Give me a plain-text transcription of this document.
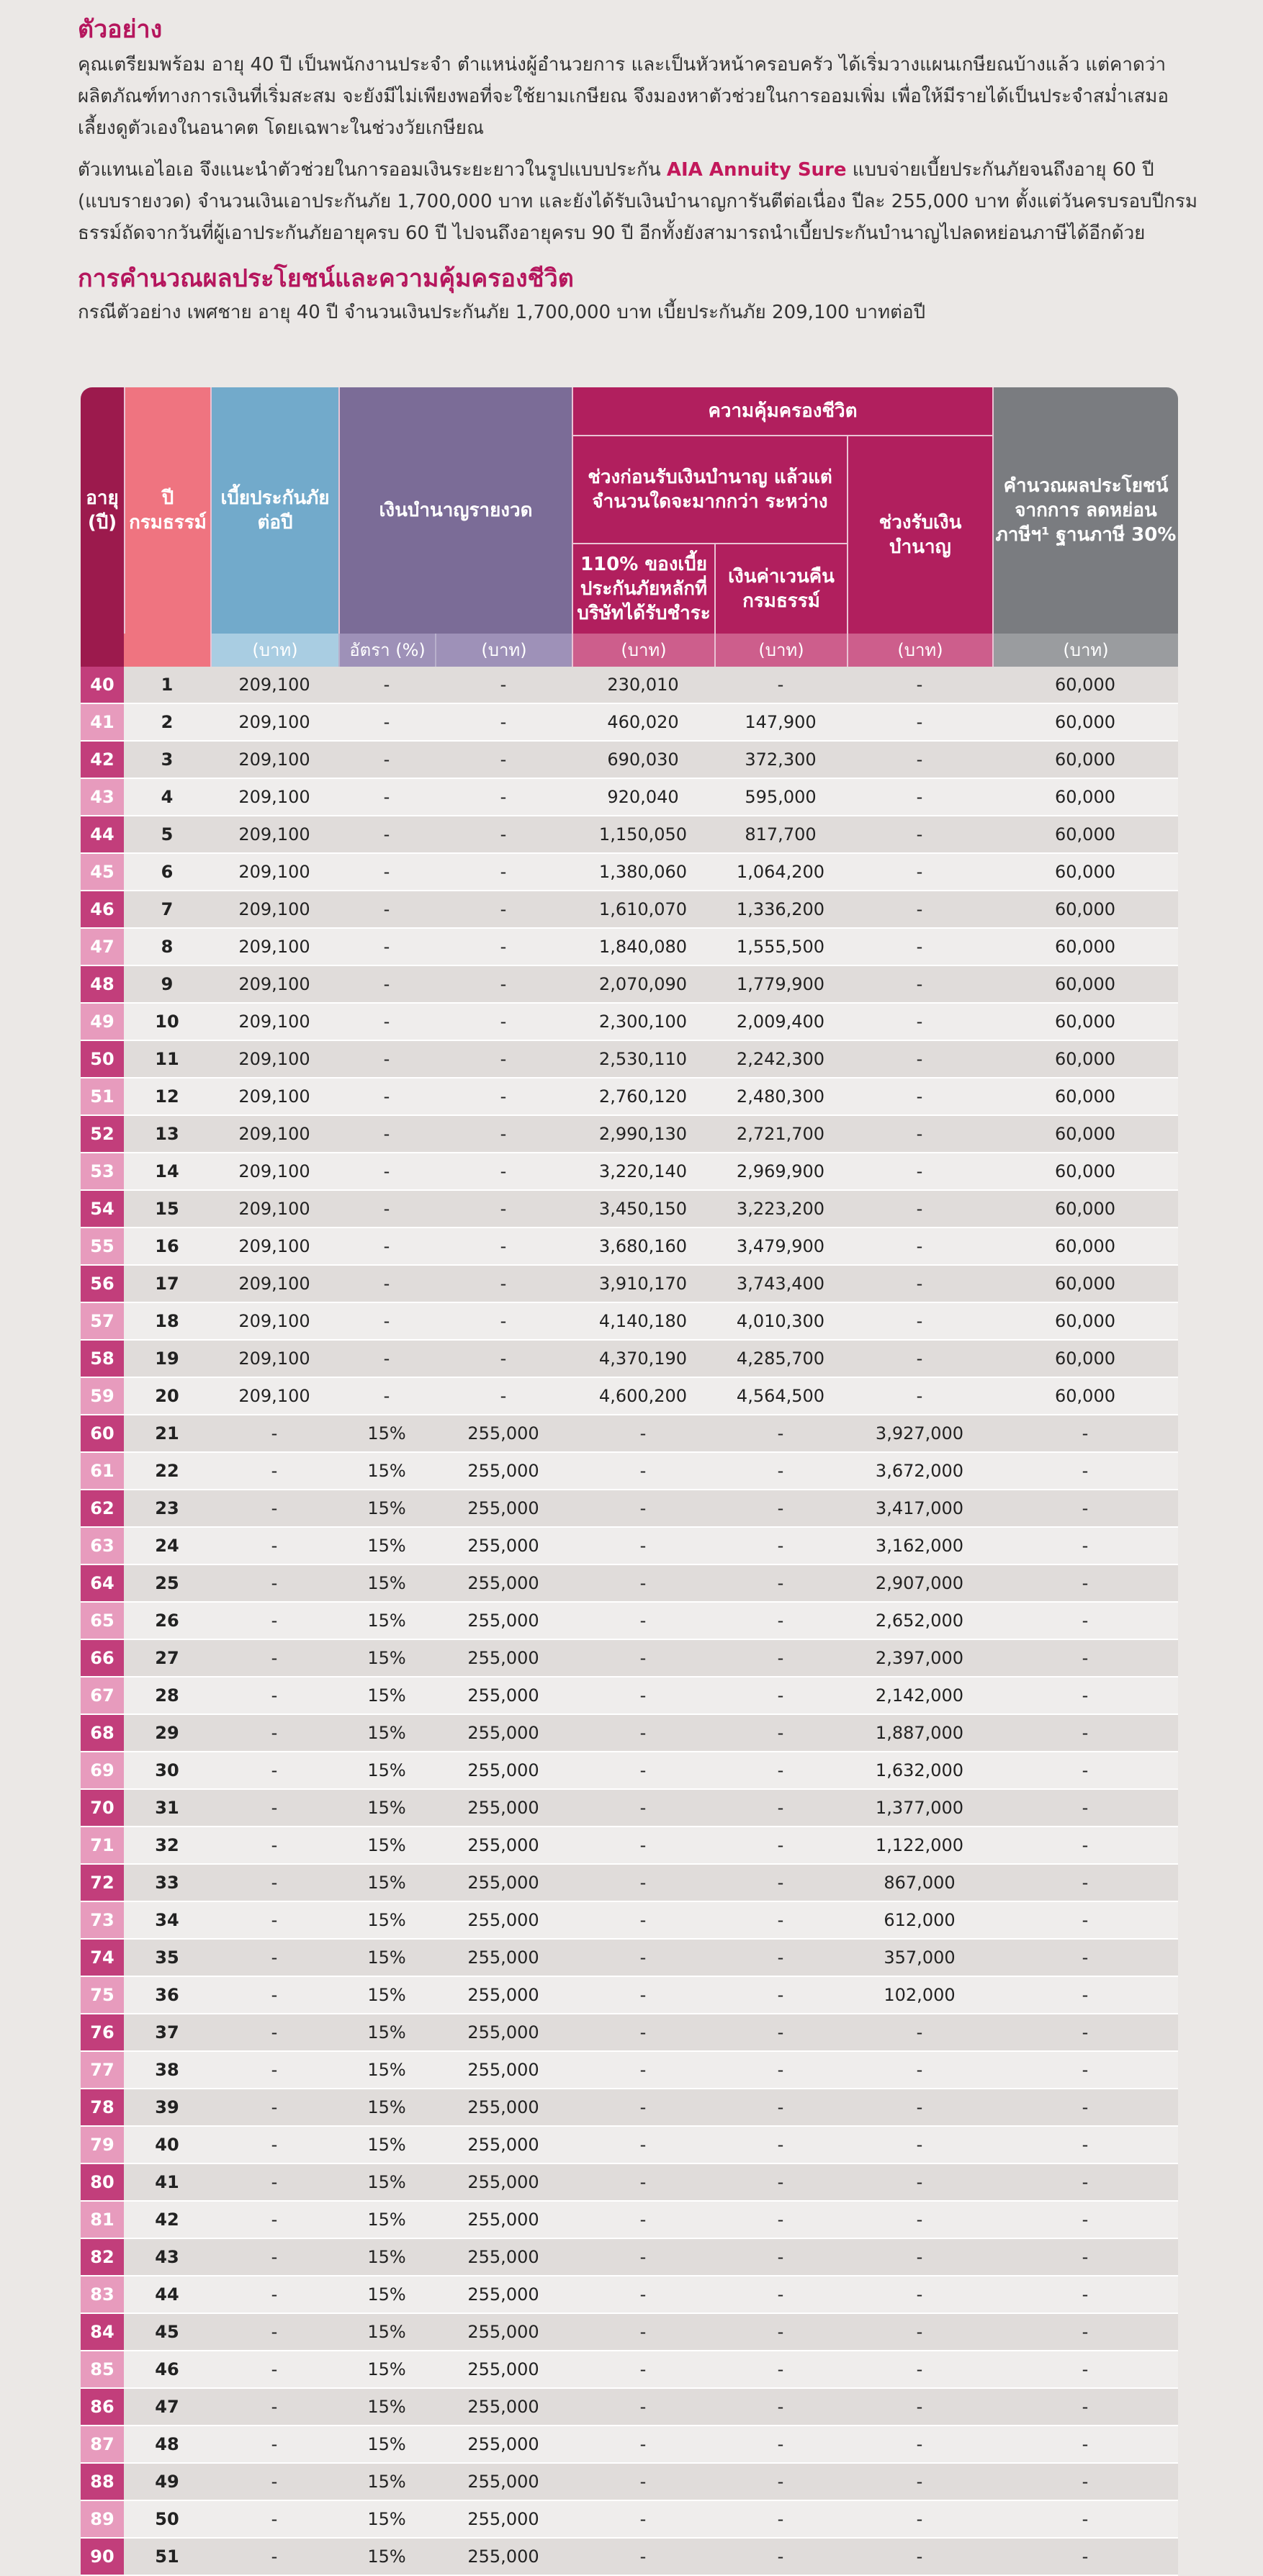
ตัวอย่าง

คุณเตรียมพร้อม อายุ 40 ปี เป็นพนักงานประจำ ตำแหน่งผู้อำนวยการ และเป็นหัวหน้าครอบครัว ได้เริ่มวางแผนเกษียณบ้างแล้ว แต่คาดว่าผลิตภัณฑ์ทางการเงินที่เริ่มสะสม จะยังมีไม่เพียงพอที่จะใช้ยามเกษียณ จึงมองหาตัวช่วยในการออมเพิ่ม เพื่อให้มีรายได้เป็นประจำสม่ำเสมอ เลี้ยงดูตัวเองในอนาคต โดยเฉพาะในช่วงวัยเกษียณ

ตัวแทนเอไอเอ จึงแนะนำตัวช่วยในการออมเงินระยะยาวในรูปแบบประกัน AIA Annuity Sure แบบจ่ายเบี้ยประกันภัยจนถึงอายุ 60 ปี (แบบรายงวด) จำนวนเงินเอาประกันภัย 1,700,000 บาท และยังได้รับเงินบำนาญการันตีต่อเนื่อง ปีละ 255,000 บาท ตั้งแต่วันครบรอบปีกรมธรรม์ถัดจากวันที่ผู้เอาประกันภัยอายุครบ 60 ปี ไปจนถึงอายุครบ 90 ปี อีกทั้งยังสามารถนำเบี้ยประกันบำนาญไปลดหย่อนภาษีได้อีกด้วย

การคำนวณผลประโยชน์และความคุ้มครองชีวิต
กรณีตัวอย่าง เพศชาย อายุ 40 ปี จำนวนเงินประกันภัย 1,700,000 บาท เบี้ยประกันภัย 209,100 บาทต่อปี
อายุ (ปี)	ปี กรมธรรม์	เบี้ยประกันภัย ต่อปี	เงินบำนาญรายงวด		ความคุ้มครองชีวิต			คำนวณผลประโยชน์ จากการ ลดหย่อนภาษีฯ¹ ฐานภาษี 30%
					ช่วงก่อนรับเงินบำนาญ แล้วแต่จำนวนใดจะมากกว่า ระหว่าง		ช่วงรับเงิน บำนาญ	
					110% ของเบี้ย ประกันภัยหลักที่ บริษัทได้รับชำระ	เงินค่าเวนคืน กรมธรรม์		
		(บาท)	อัตรา (%)	(บาท)	(บาท)	(บาท)	(บาท)	(บาท)
40	1	209,100	-	-	230,010	-	-	60,000
41	2	209,100	-	-	460,020	147,900	-	60,000
42	3	209,100	-	-	690,030	372,300	-	60,000
43	4	209,100	-	-	920,040	595,000	-	60,000
44	5	209,100	-	-	1,150,050	817,700	-	60,000
45	6	209,100	-	-	1,380,060	1,064,200	-	60,000
46	7	209,100	-	-	1,610,070	1,336,200	-	60,000
47	8	209,100	-	-	1,840,080	1,555,500	-	60,000
48	9	209,100	-	-	2,070,090	1,779,900	-	60,000
49	10	209,100	-	-	2,300,100	2,009,400	-	60,000
50	11	209,100	-	-	2,530,110	2,242,300	-	60,000
51	12	209,100	-	-	2,760,120	2,480,300	-	60,000
52	13	209,100	-	-	2,990,130	2,721,700	-	60,000
53	14	209,100	-	-	3,220,140	2,969,900	-	60,000
54	15	209,100	-	-	3,450,150	3,223,200	-	60,000
55	16	209,100	-	-	3,680,160	3,479,900	-	60,000
56	17	209,100	-	-	3,910,170	3,743,400	-	60,000
57	18	209,100	-	-	4,140,180	4,010,300	-	60,000
58	19	209,100	-	-	4,370,190	4,285,700	-	60,000
59	20	209,100	-	-	4,600,200	4,564,500	-	60,000
60	21	-	15%	255,000	-	-	3,927,000	-
61	22	-	15%	255,000	-	-	3,672,000	-
62	23	-	15%	255,000	-	-	3,417,000	-
63	24	-	15%	255,000	-	-	3,162,000	-
64	25	-	15%	255,000	-	-	2,907,000	-
65	26	-	15%	255,000	-	-	2,652,000	-
66	27	-	15%	255,000	-	-	2,397,000	-
67	28	-	15%	255,000	-	-	2,142,000	-
68	29	-	15%	255,000	-	-	1,887,000	-
69	30	-	15%	255,000	-	-	1,632,000	-
70	31	-	15%	255,000	-	-	1,377,000	-
71	32	-	15%	255,000	-	-	1,122,000	-
72	33	-	15%	255,000	-	-	867,000	-
73	34	-	15%	255,000	-	-	612,000	-
74	35	-	15%	255,000	-	-	357,000	-
75	36	-	15%	255,000	-	-	102,000	-
76	37	-	15%	255,000	-	-	-	-
77	38	-	15%	255,000	-	-	-	-
78	39	-	15%	255,000	-	-	-	-
79	40	-	15%	255,000	-	-	-	-
80	41	-	15%	255,000	-	-	-	-
81	42	-	15%	255,000	-	-	-	-
82	43	-	15%	255,000	-	-	-	-
83	44	-	15%	255,000	-	-	-	-
84	45	-	15%	255,000	-	-	-	-
85	46	-	15%	255,000	-	-	-	-
86	47	-	15%	255,000	-	-	-	-
87	48	-	15%	255,000	-	-	-	-
88	49	-	15%	255,000	-	-	-	-
89	50	-	15%	255,000	-	-	-	-
90	51	-	15%	255,000	-	-	-	-
